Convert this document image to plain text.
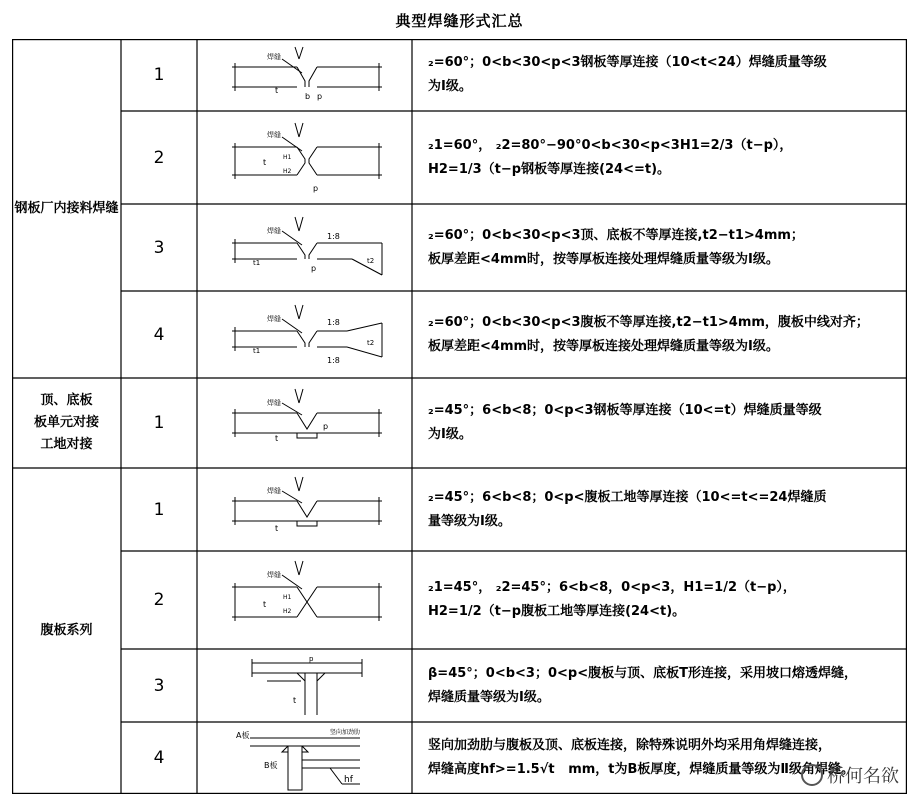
典型焊缝形式汇总
钢板厂内接料焊缝
顶、底板
板单元对接
工地对接
腹板系列
1
2
3
4
1
1
2
3
4
₂=60°；0<b<30<p<3钢板等厚连接（10<t<24）焊缝质量等级
为Ⅰ级。
₂1=60°， ₂2=80°−90°0<b<30<p<3H1=2/3（t−p），
H2=1/3（t−p钢板等厚连接(24<=t)。
₂=60°；0<b<30<p<3顶、底板不等厚连接,t2−t1>4mm；
板厚差距<4mm时，按等厚板连接处理焊缝质量等级为Ⅰ级。
₂=60°；0<b<30<p<3腹板不等厚连接,t2−t1>4mm，腹板中线对齐；
板厚差距<4mm时，按等厚板连接处理焊缝质量等级为Ⅰ级。
₂=45°；6<b<8；0<p<3钢板等厚连接（10<=t）焊缝质量等级
为Ⅰ级。
₂=45°；6<b<8；0<p<腹板工地等厚连接（10<=t<=24焊缝质
量等级为Ⅰ级。
₂1=45°， ₂2=45°；6<b<8，0<p<3，H1=1/2（t−p），
H2=1/2（t−p腹板工地等厚连接(24<t)。
β=45°；0<b<3；0<p<腹板与顶、底板T形连接，采用坡口熔透焊缝，
焊缝质量等级为Ⅰ级。
竖向加劲肋与腹板及顶、底板连接，除特殊说明外均采用角焊缝连接，
焊缝高度hf>=1.5√t   mm，t为B板厚度，焊缝质量等级为Ⅱ级角焊缝。
焊缝
b p
t
焊缝
H1
H2
t
p
焊缝
1:8
t1	t2
p
焊缝	1:8
1:8
t1
t2
焊缝
t
p
焊缝
t
焊缝
H1
H2
t
p
t
A板
B板
hf
竖向加劲肋
桥何名欲
